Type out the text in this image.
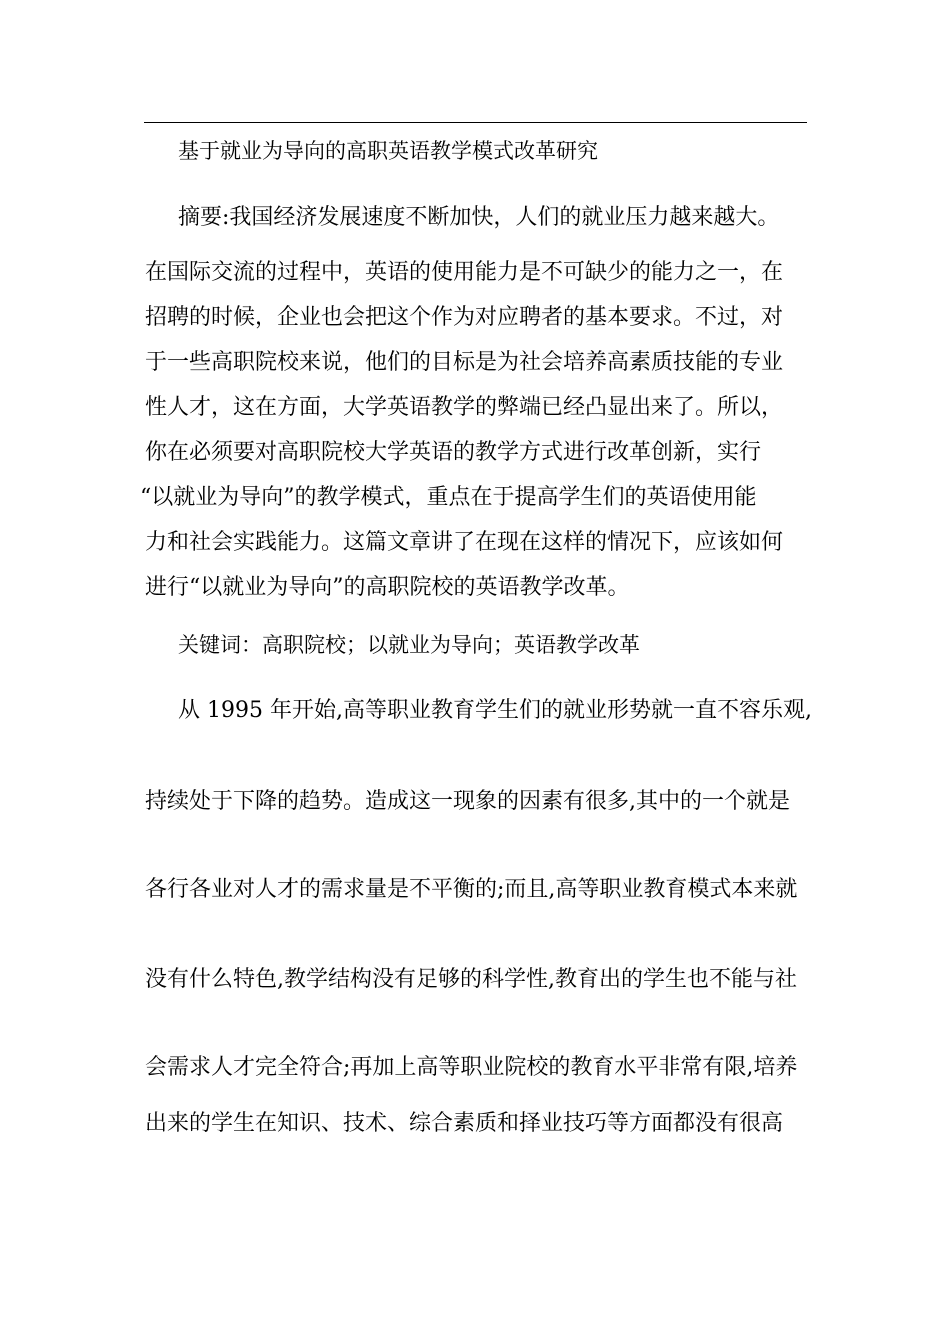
基于就业为导向的高职英语教学模式改革研究
摘要:我国经济发展速度不断加快，人们的就业压力越来越大。
在国际交流的过程中，英语的使用能力是不可缺少的能力之一，在
招聘的时候，企业也会把这个作为对应聘者的基本要求。不过，对
于一些高职院校来说，他们的目标是为社会培养高素质技能的专业
性人才，这在方面，大学英语教学的弊端已经凸显出来了。所以，
你在必须要对高职院校大学英语的教学方式进行改革创新，实行
“以就业为导向”的教学模式，重点在于提高学生们的英语使用能
力和社会实践能力。这篇文章讲了在现在这样的情况下，应该如何
进行“以就业为导向”的高职院校的英语教学改革。
关键词：高职院校；以就业为导向；英语教学改革
从 1995 年开始,高等职业教育学生们的就业形势就一直不容乐观,
持续处于下降的趋势。造成这一现象的因素有很多,其中的一个就是
各行各业对人才的需求量是不平衡的;而且,高等职业教育模式本来就
没有什么特色,教学结构没有足够的科学性,教育出的学生也不能与社
会需求人才完全符合;再加上高等职业院校的教育水平非常有限,培养
出来的学生在知识、技术、综合素质和择业技巧等方面都没有很高
